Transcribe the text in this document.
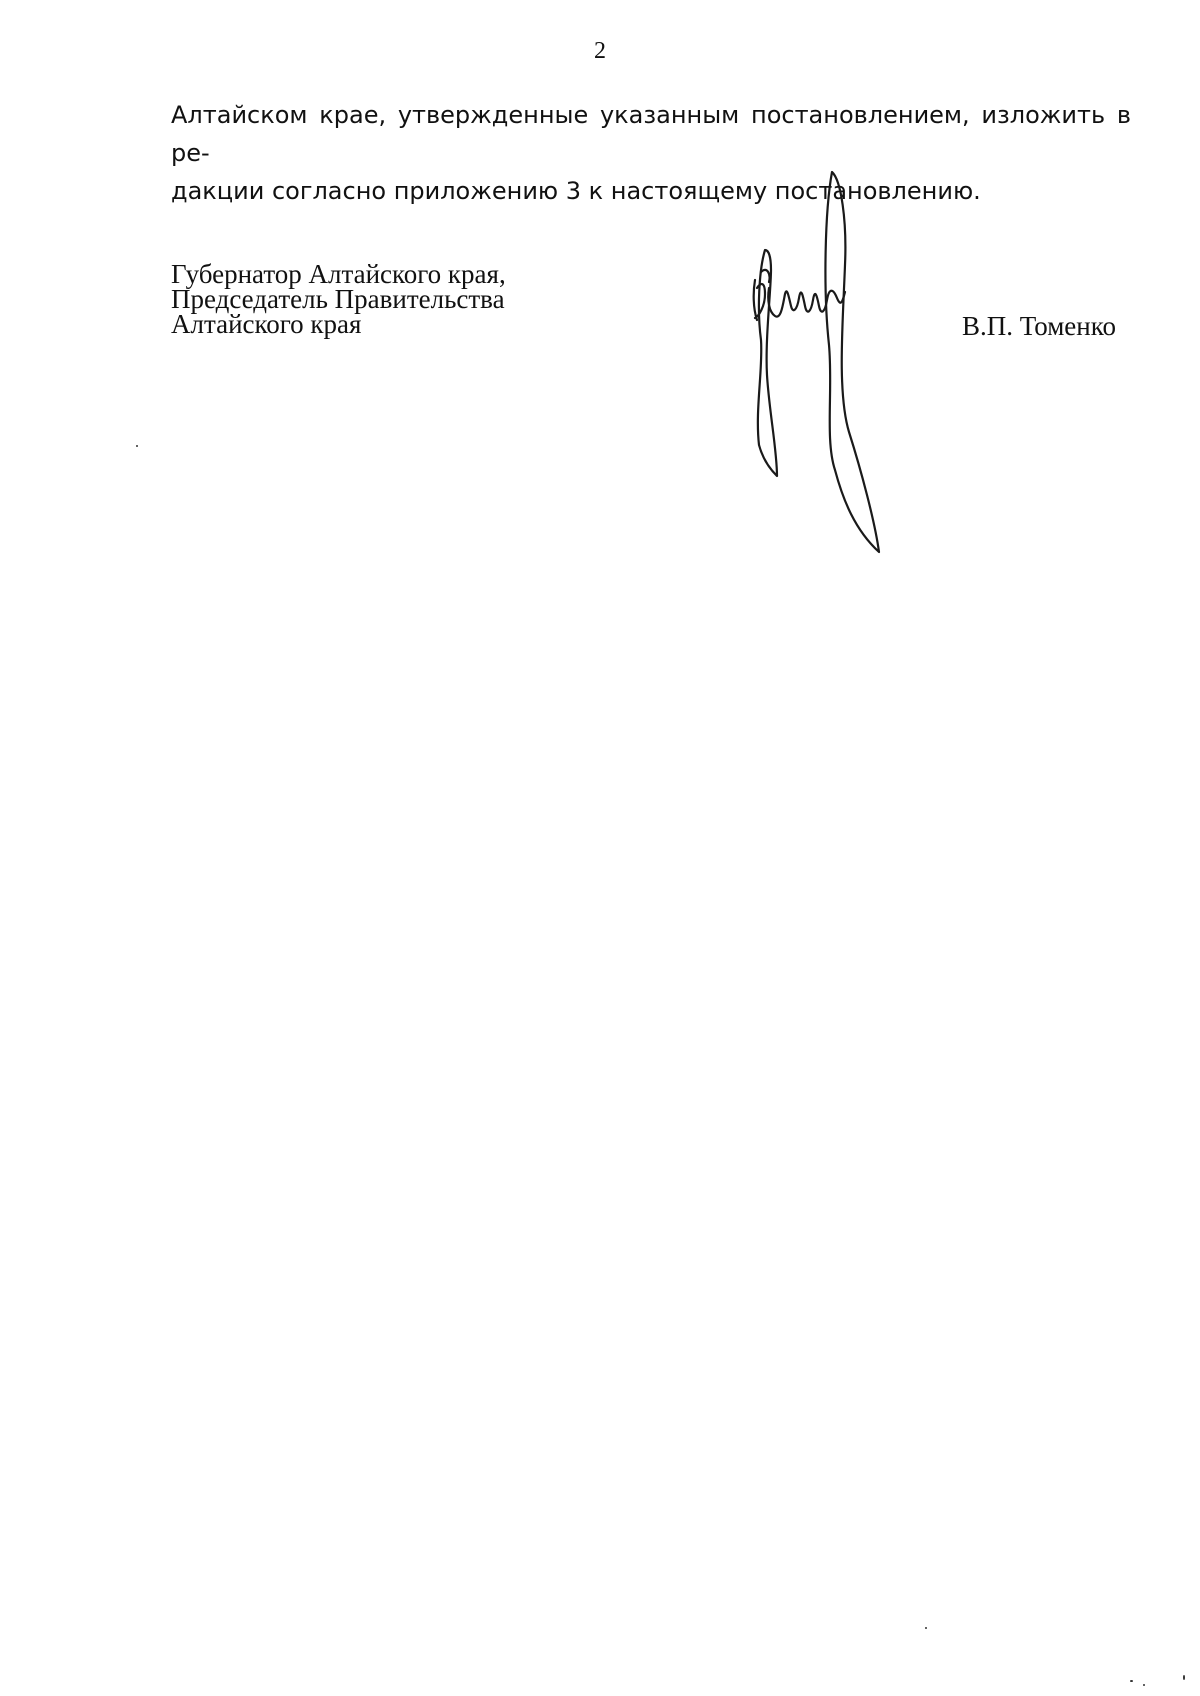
2

Алтайском крае, утвержденные указанным постановлением, изложить в ре-
дакции согласно приложению 3 к настоящему постановлению.

Губернатор Алтайского края,
Председатель Правительства
Алтайского края	В.П. Томенко
